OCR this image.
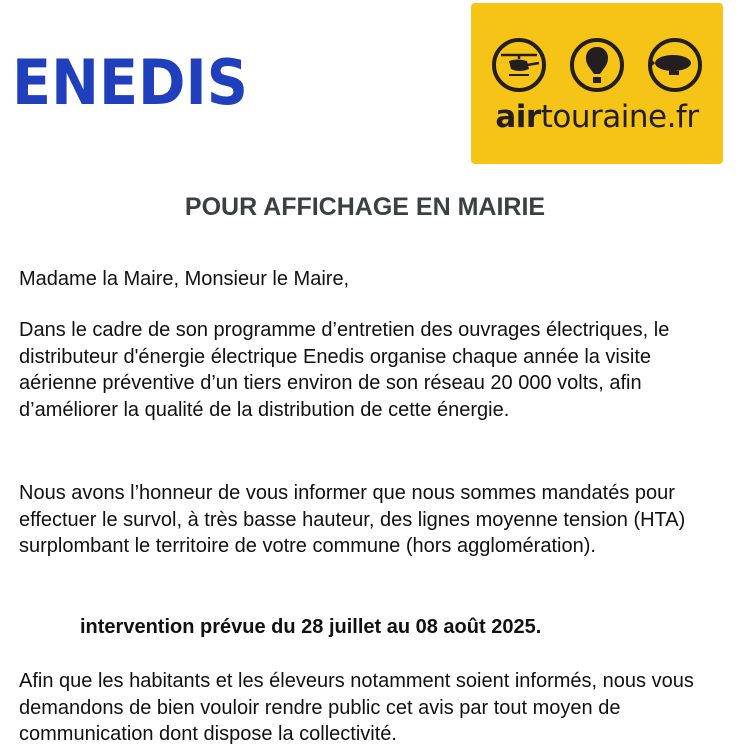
ENEDIS	airtouraine.fr
POUR AFFICHAGE EN MAIRIE
Madame la Maire, Monsieur le Maire,
Dans le cadre de son programme d’entretien des ouvrages électriques, le distributeur d'énergie électrique Enedis organise chaque année la visite aérienne préventive d’un tiers environ de son réseau 20 000 volts, afin d’améliorer la qualité de la distribution de cette énergie.
Nous avons l’honneur de vous informer que nous sommes mandatés pour effectuer le survol, à très basse hauteur, des lignes moyenne tension (HTA) surplombant le territoire de votre commune (hors agglomération).
intervention prévue du 28 juillet au 08 août 2025.
Afin que les habitants et les éleveurs notamment soient informés, nous vous demandons de bien vouloir rendre public cet avis par tout moyen de communication dont dispose la collectivité.
